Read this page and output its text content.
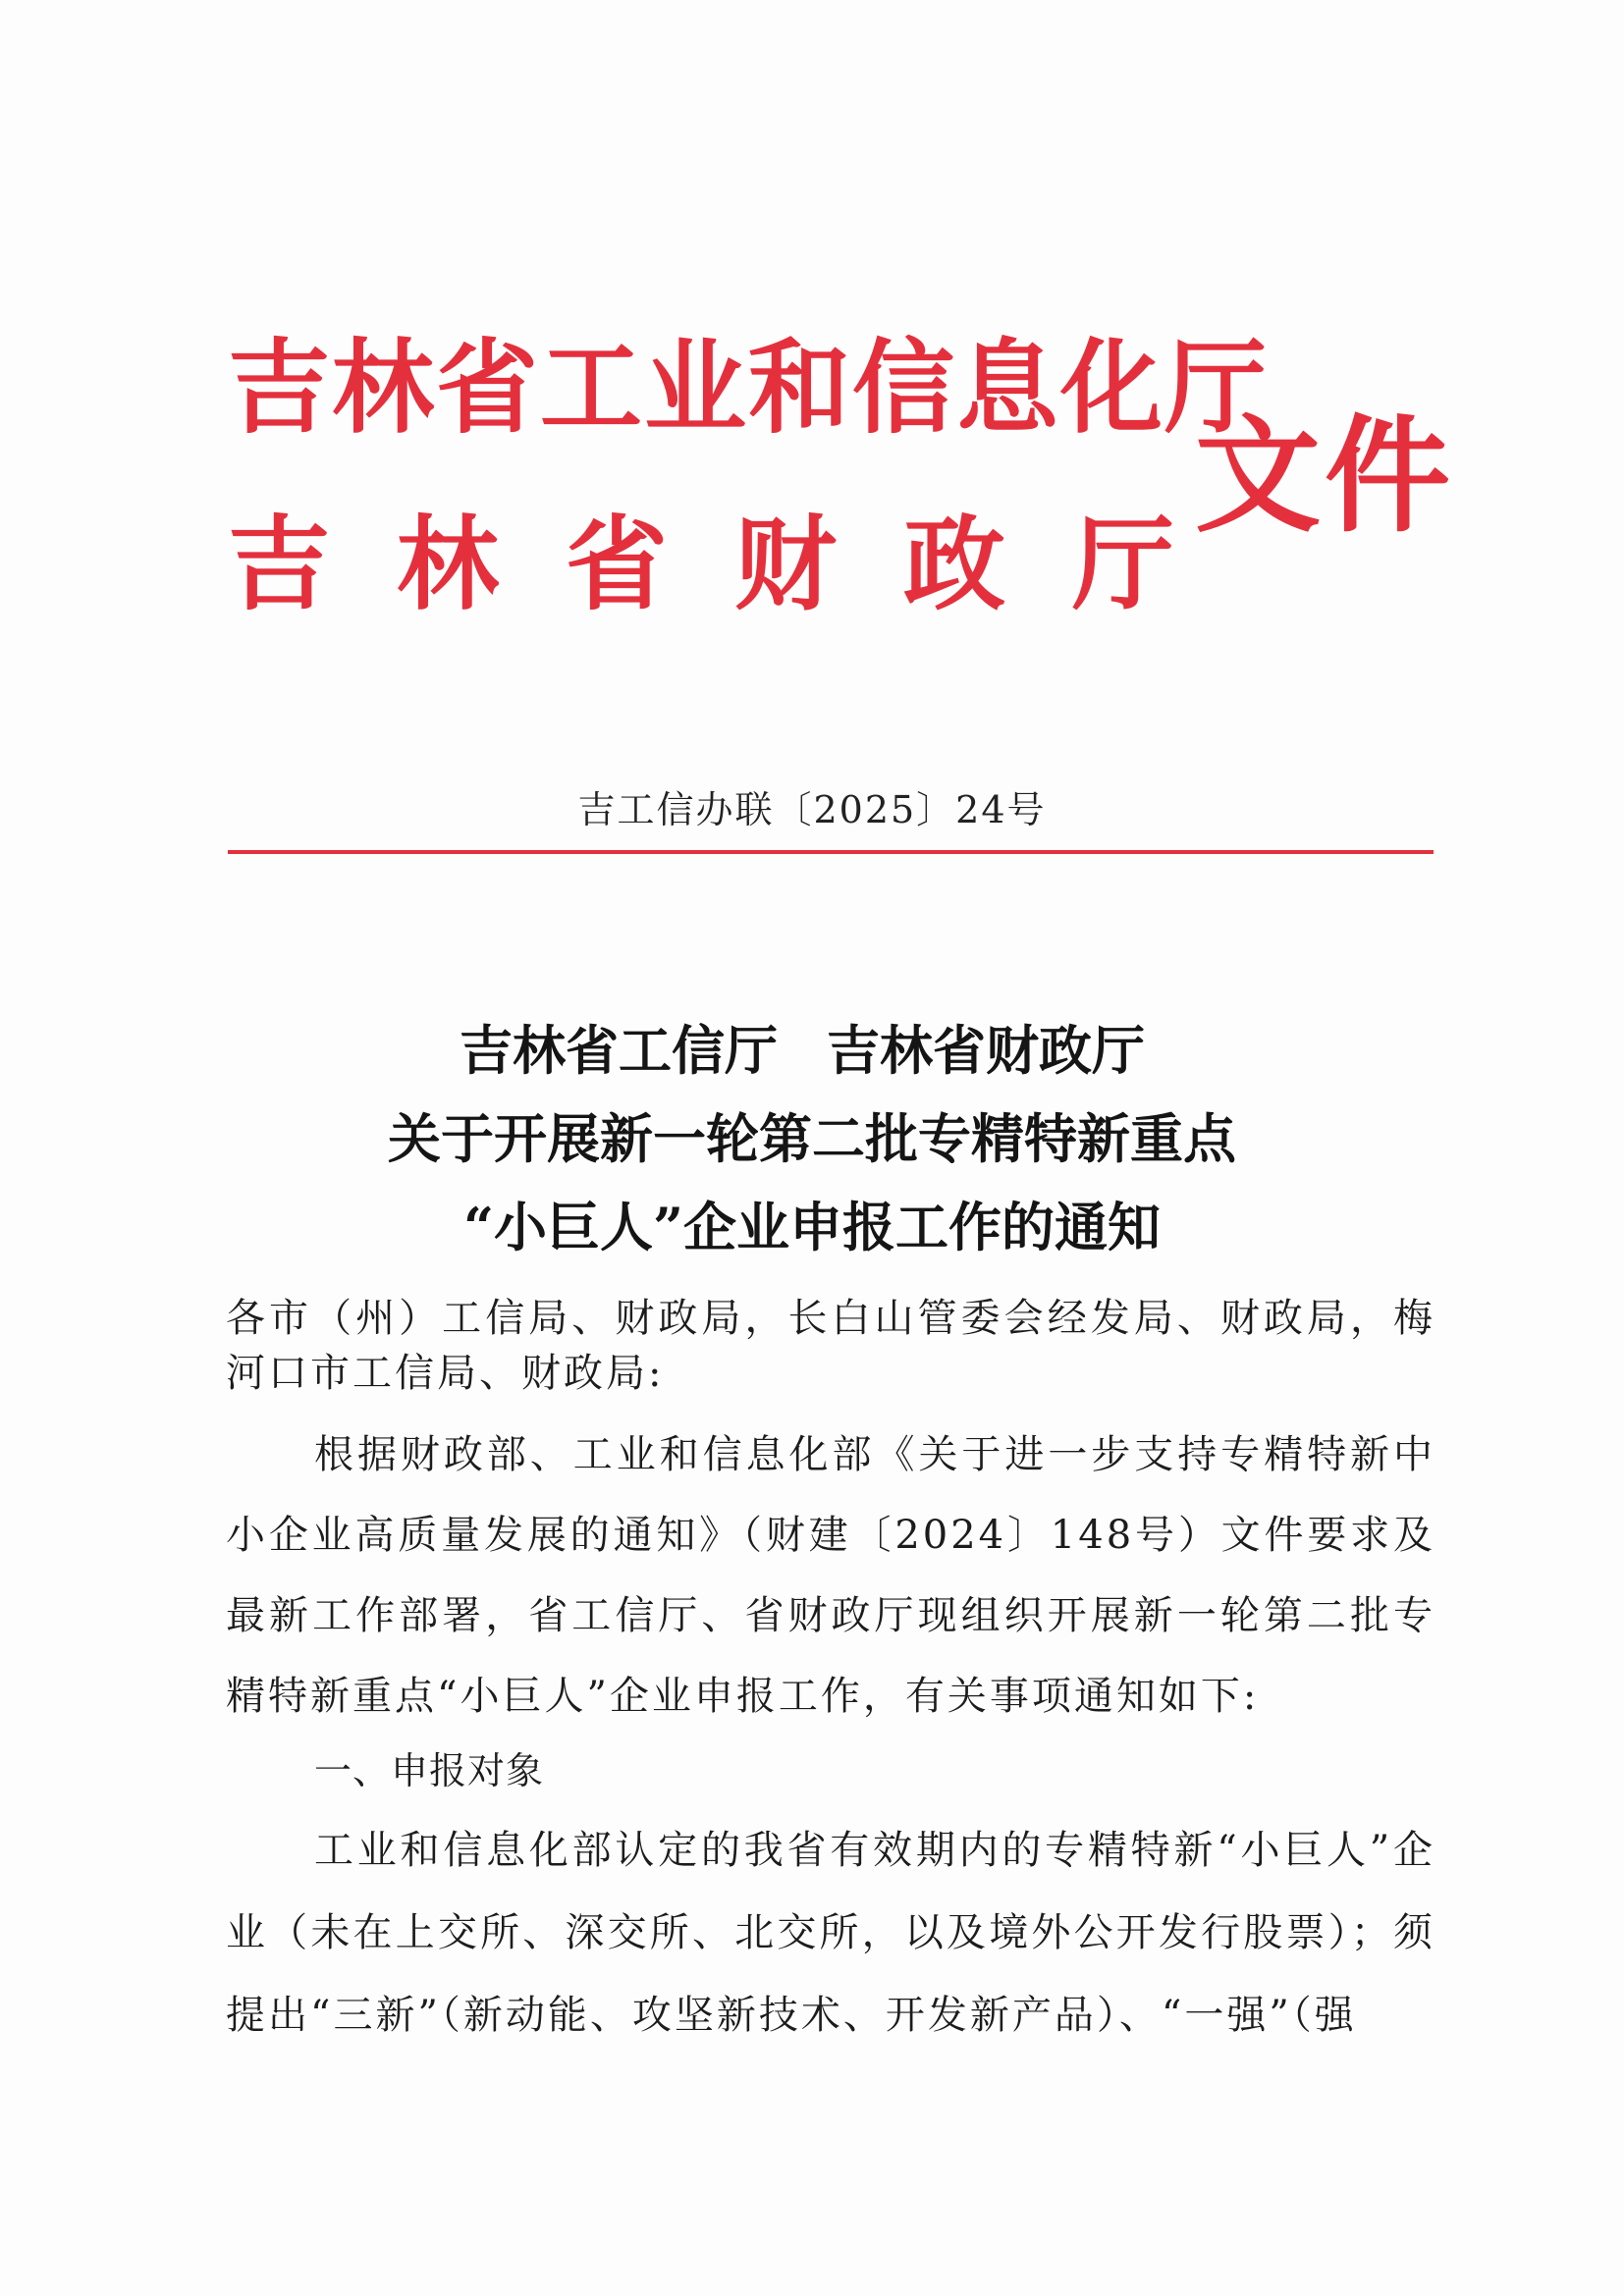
吉林省工业和信息化厅
吉林省财政厅
文件
吉工信办联〔2025〕24号
吉林省工信厅 吉林省财政厅
关于开展新一轮第二批专精特新重点
“小巨人”企业申报工作的通知

各市（州）工信局、财政局，长白山管委会经发局、财政局，梅河口市工信局、财政局:

根据财政部、工业和信息化部《关于进一步支持专精特新中小企业高质量发展的通知》（财建〔2024〕148号）文件要求及最新工作部署，省工信厅、省财政厅现组织开展新一轮第二批专精特新重点“小巨人”企业申报工作，有关事项通知如下:

一、申报对象

工业和信息化部认定的我省有效期内的专精特新“小巨人”企业（未在上交所、深交所、北交所，以及境外公开发行股票）；须提出“三新”（新动能、攻坚新技术、开发新产品）、“一强”（强
